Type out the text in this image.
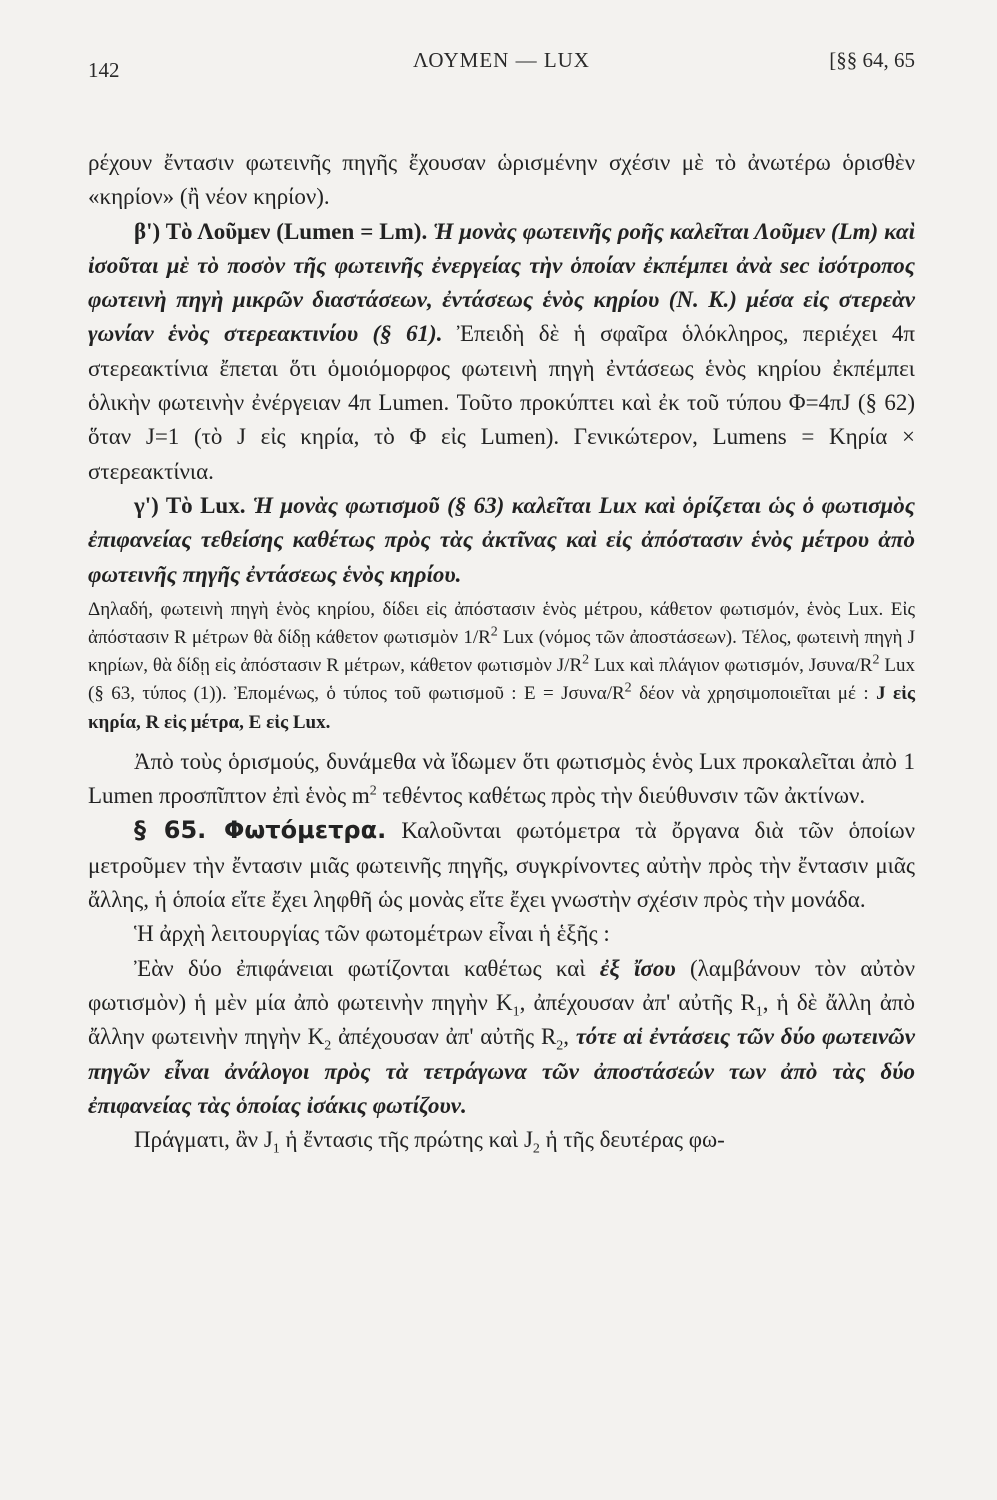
142	ΛΟΥΜΕΝ — LUX	[§§ 64, 65

ρέχουν ἔντασιν φωτεινῆς πηγῆς ἔχουσαν ὡρισμένην σχέσιν μὲ τὸ ἀνωτέρω ὁρισθὲν «κηρίον» (ἢ νέον κηρίον).

β') Τὸ Λοῦμεν (Lumen = Lm). Ἡ μονὰς φωτεινῆς ροῆς καλεῖται Λοῦμεν (Lm) καὶ ἰσοῦται μὲ τὸ ποσὸν τῆς φωτεινῆς ἐνεργείας τὴν ὁποίαν ἐκπέμπει ἀνὰ sec ἰσότροπος φωτεινὴ πηγὴ μικρῶν διαστάσεων, ἐντάσεως ἑνὸς κηρίου (N. K.) μέσα εἰς στερεὰν γωνίαν ἑνὸς στερεακτινίου (§ 61). Ἐπειδὴ δὲ ἡ σφαῖρα ὁλόκληρος, περιέχει 4π στερεακτίνια ἔπεται ὅτι ὁμοιόμορφος φωτεινὴ πηγὴ ἐντάσεως ἑνὸς κηρίου ἐκπέμπει ὁλικὴν φωτεινὴν ἐνέργειαν 4π Lumen. Τοῦτο προκύπτει καὶ ἐκ τοῦ τύπου Φ=4πJ (§ 62) ὅταν J=1 (τὸ J εἰς κηρία, τὸ Φ εἰς Lumen). Γενικώτερον, Lumens = Κηρία × στερεακτίνια.

γ') Τὸ Lux. Ἡ μονὰς φωτισμοῦ (§ 63) καλεῖται Lux καὶ ὁρίζεται ὡς ὁ φωτισμὸς ἐπιφανείας τεθείσης καθέτως πρὸς τὰς ἀκτῖνας καὶ εἰς ἀπόστασιν ἑνὸς μέτρου ἀπὸ φωτεινῆς πηγῆς ἐντάσεως ἑνὸς κηρίου.

Δηλαδή, φωτεινὴ πηγὴ ἑνὸς κηρίου, δίδει εἰς ἀπόστασιν ἑνὸς μέτρου, κάθετον φωτισμόν, ἑνὸς Lux. Εἰς ἀπόστασιν R μέτρων θὰ δίδῃ κάθετον φωτισμὸν $1/R^2$ Lux (νόμος τῶν ἀποστάσεων). Τέλος, φωτεινὴ πηγὴ J κηρίων, θὰ δίδῃ εἰς ἀπόστασιν R μέτρων, κάθετον φωτισμὸν $J/R^2$ Lux καὶ πλάγιον φωτισμόν, Jσυνα/$R^2$ Lux (§ 63, τύπος (1)). Ἐπομένως, ὁ τύπος τοῦ φωτισμοῦ : E = Jσυνα/$R^2$ δέον νὰ χρησιμοποιεῖται μέ : J εἰς κηρία, R εἰς μέτρα, E εἰς Lux.

Ἀπὸ τοὺς ὁρισμούς, δυνάμεθα νὰ ἴδωμεν ὅτι φωτισμὸς ἑνὸς Lux προκαλεῖται ἀπὸ 1 Lumen προσπῖπτον ἐπὶ ἑνὸς $m^2$ τεθέντος καθέτως πρὸς τὴν διεύθυνσιν τῶν ἀκτίνων.

§ 65. Φωτόμετρα. Καλοῦνται φωτόμετρα τὰ ὄργανα διὰ τῶν ὁποίων μετροῦμεν τὴν ἔντασιν μιᾶς φωτεινῆς πηγῆς, συγκρίνοντες αὐτὴν πρὸς τὴν ἔντασιν μιᾶς ἄλλης, ἡ ὁποία εἴτε ἔχει ληφθῆ ὡς μονὰς εἴτε ἔχει γνωστὴν σχέσιν πρὸς τὴν μονάδα.

Ἡ ἀρχὴ λειτουργίας τῶν φωτομέτρων εἶναι ἡ ἑξῆς :

Ἐὰν δύο ἐπιφάνειαι φωτίζονται καθέτως καὶ ἐξ ἴσου (λαμβάνουν τὸν αὐτὸν φωτισμὸν) ἡ μὲν μία ἀπὸ φωτεινὴν πηγὴν $K_1$, ἀπέχουσαν ἀπ' αὐτῆς $R_1$, ἡ δὲ ἄλλη ἀπὸ ἄλλην φωτεινὴν πηγὴν $K_2$ ἀπέχουσαν ἀπ' αὐτῆς $R_2$, τότε αἱ ἐντάσεις τῶν δύο φωτεινῶν πηγῶν εἶναι ἀνάλογοι πρὸς τὰ τετράγωνα τῶν ἀποστάσεών των ἀπὸ τὰς δύο ἐπιφανείας τὰς ὁποίας ἰσάκις φωτίζουν.

Πράγματι, ἂν $J_1$ ἡ ἔντασις τῆς πρώτης καὶ $J_2$ ἡ τῆς δευτέρας φω-
